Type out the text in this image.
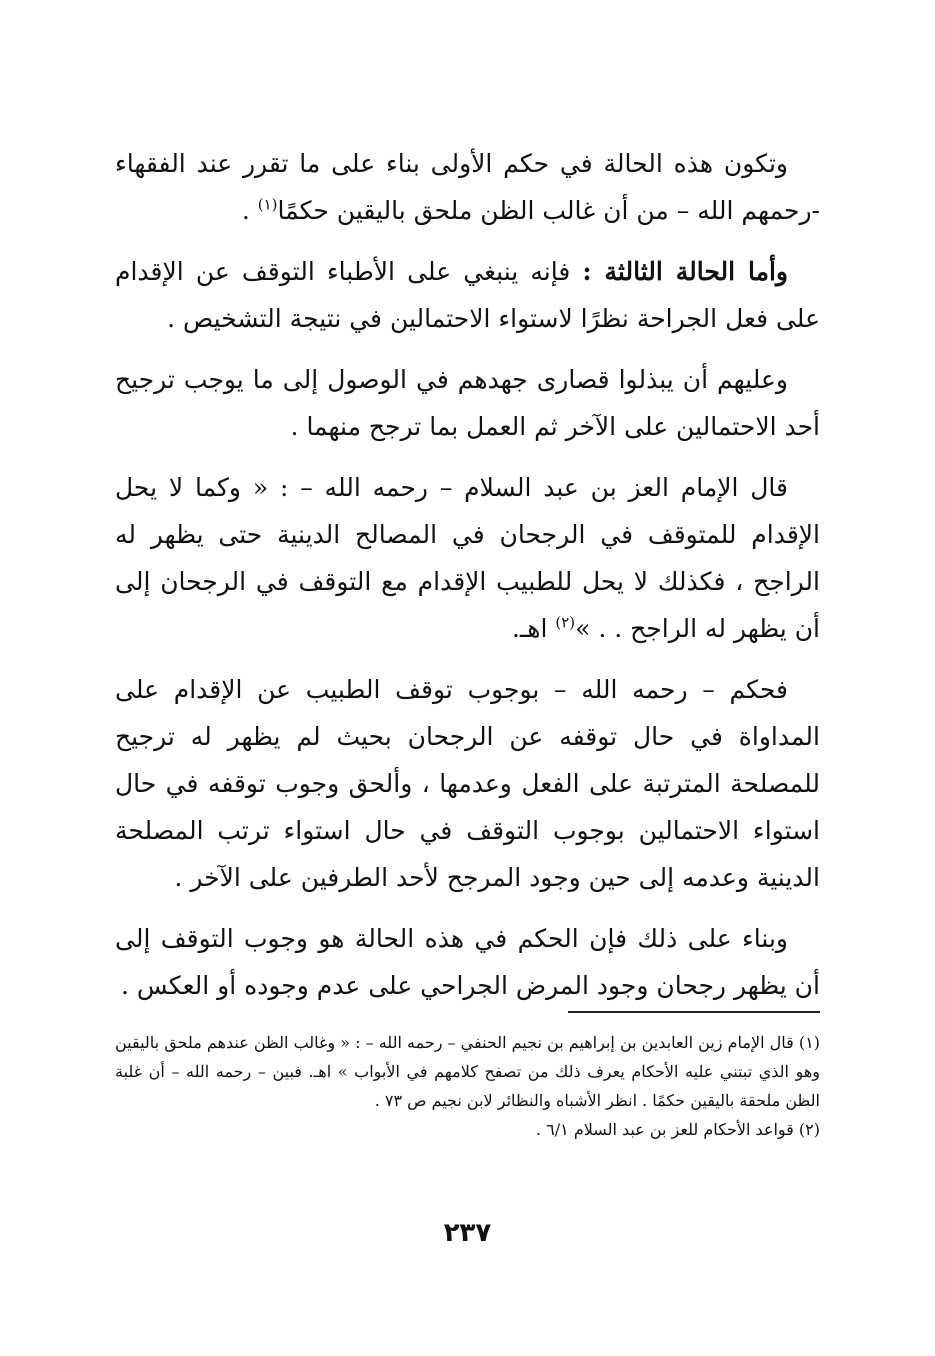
وتكون هذه الحالة في حكم الأولى بناء على ما تقرر عند الفقهاء -رحمهم الله – من أن غالب الظن ملحق باليقين حكمًا$^{(١)}$ .

وأما الحالة الثالثة : فإنه ينبغي على الأطباء التوقف عن الإقدام على فعل الجراحة نظرًا لاستواء الاحتمالين في نتيجة التشخيص .

وعليهم أن يبذلوا قصارى جهدهم في الوصول إلى ما يوجب ترجيح أحد الاحتمالين على الآخر ثم العمل بما ترجح منهما .

قال الإمام العز بن عبد السلام – رحمه الله – : « وكما لا يحل الإقدام للمتوقف في الرجحان في المصالح الدينية حتى يظهر له الراجح ، فكذلك لا يحل للطبيب الإقدام مع التوقف في الرجحان إلى أن يظهر له الراجح . . »$^{(٢)}$ اهـ.

فحكم – رحمه الله – بوجوب توقف الطبيب عن الإقدام على المداواة في حال توقفه عن الرجحان بحيث لم يظهر له ترجيح للمصلحة المترتبة على الفعل وعدمها ، وألحق وجوب توقفه في حال استواء الاحتمالين بوجوب التوقف في حال استواء ترتب المصلحة الدينية وعدمه إلى حين وجود المرجح لأحد الطرفين على الآخر .

وبناء على ذلك فإن الحكم في هذه الحالة هو وجوب التوقف إلى أن يظهر رجحان وجود المرض الجراحي على عدم وجوده أو العكس .

(١) قال الإمام زين العابدين بن إبراهيم بن نجيم الحنفي – رحمه الله – : « وغالب الظن عندهم ملحق باليقين وهو الذي تبتني عليه الأحكام يعرف ذلك من تصفح كلامهم في الأبواب » اهـ. فبين – رحمه الله – أن غلبة الظن ملحقة باليقين حكمًا . انظر الأشباه والنظائر لابن نجيم ص ٧٣ .

(٢) قواعد الأحكام للعز بن عبد السلام ٦/١ .

٢٣٧
